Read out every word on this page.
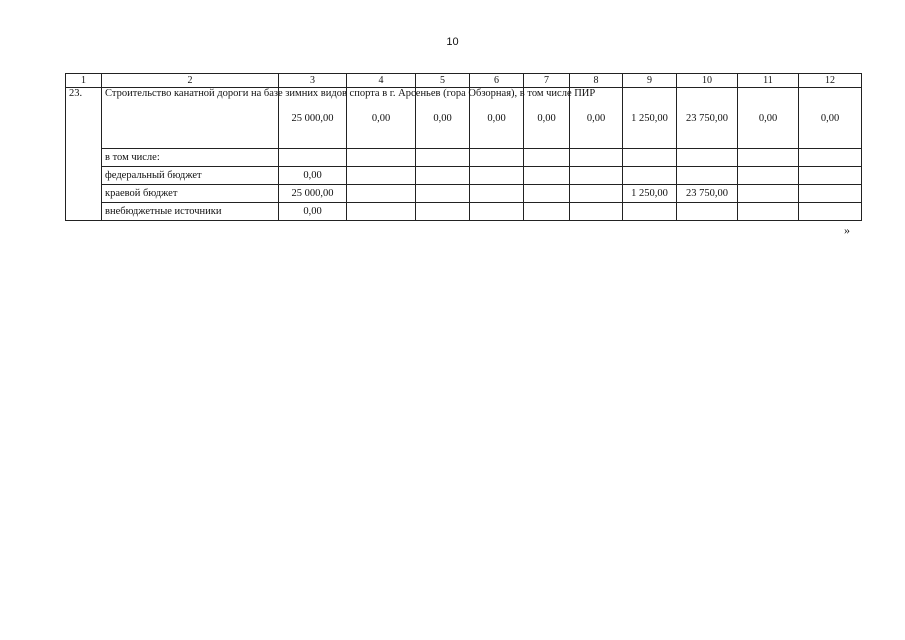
10
1	2	3	4	5	6	7	8	9	10	11	12
23.	Строительство канатной дороги на базе зимних видов спорта в г. Арсеньев (гора Обзорная), в том числе ПИР	25 000,00	0,00	0,00	0,00	0,00	0,00	1 250,00	23 750,00	0,00	0,00
	в том числе:										
	федеральный бюджет	0,00									
	краевой бюджет	25 000,00						1 250,00	23 750,00		
	внебюджетные источники	0,00									
»
